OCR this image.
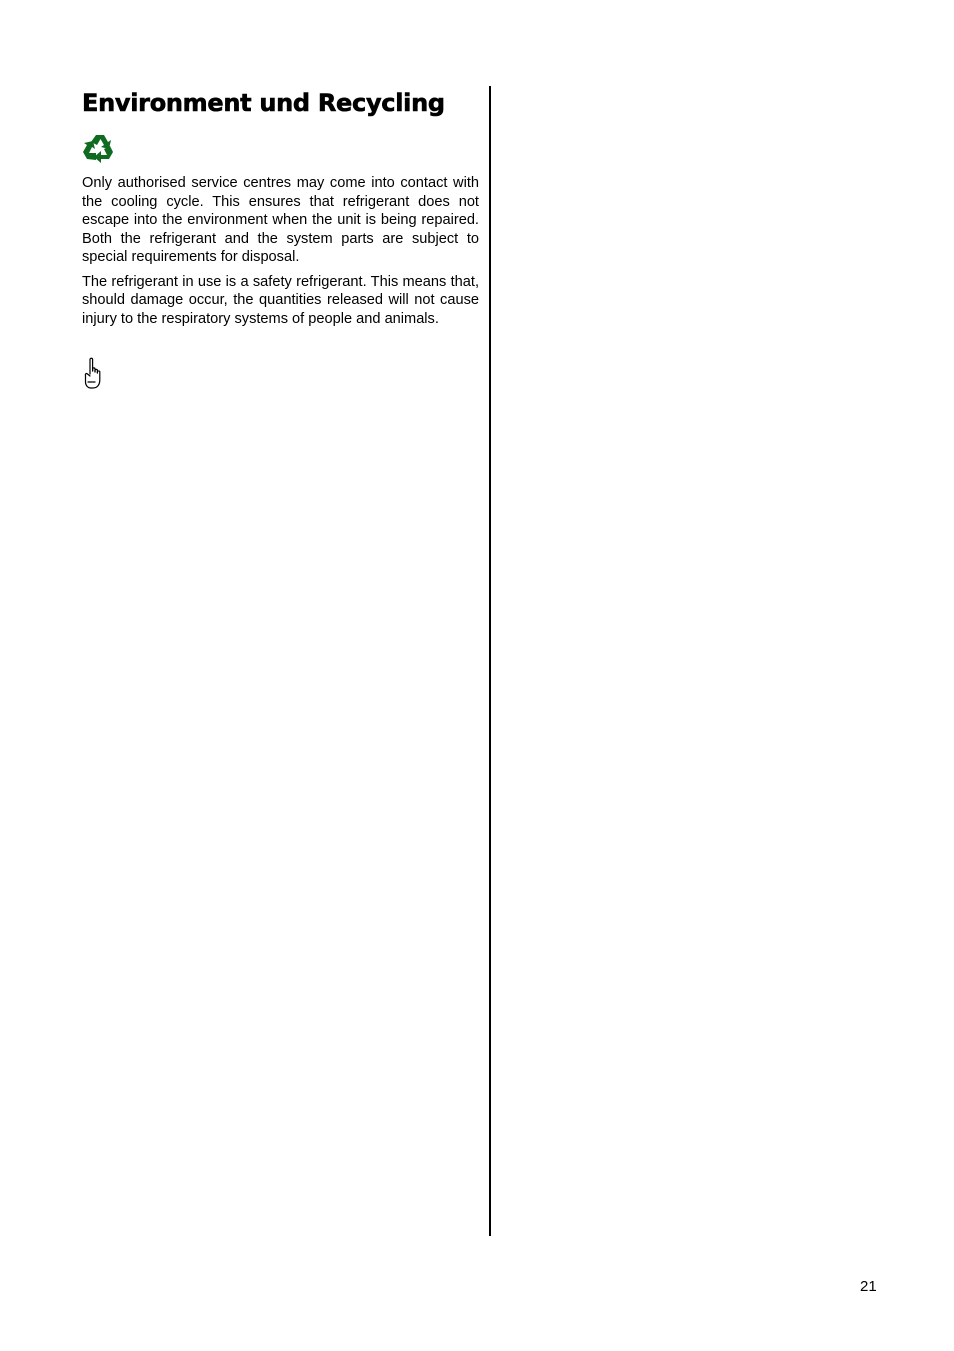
Environment und Recycling

Only authorised service centres may come into contact with the cooling cycle. This ensures that refrigerant does not escape into the environment when the unit is being repaired. Both the refrigerant and the system parts are subject to special requirements for disposal.

The refrigerant in use is a safety refrigerant. This means that, should damage occur, the quantities released will not cause injury to the respiratory systems of people and animals.

21
